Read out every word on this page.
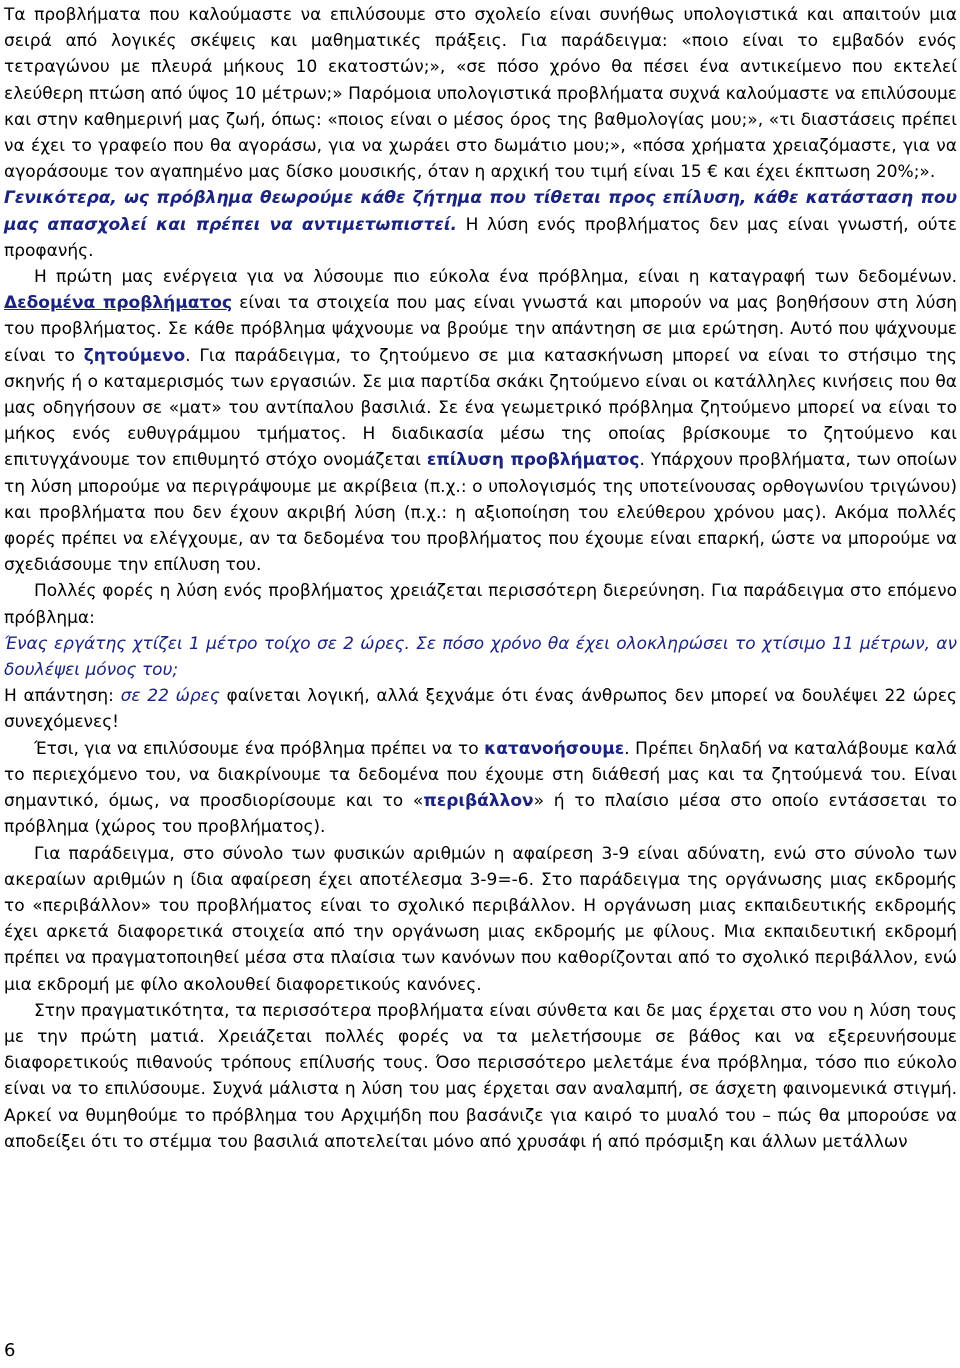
Τα προβλήματα που καλούμαστε να επιλύσουμε στο σχολείο είναι συνήθως υπολογιστικά και απαιτούν μια σειρά από λογικές σκέψεις και μαθηματικές πράξεις. Για παράδειγμα: «ποιο είναι το εμβαδόν ενός τετραγώνου με πλευρά μήκους 10 εκατοστών;», «σε πόσο χρόνο θα πέσει ένα αντικείμενο που εκτελεί ελεύθερη πτώση από ύψος 10 μέτρων;» Παρόμοια υπολογιστικά προβλήματα συχνά καλούμαστε να επιλύσουμε και στην καθημερινή μας ζωή, όπως: «ποιος είναι ο μέσος όρος της βαθμολογίας μου;», «τι διαστάσεις πρέπει να έχει το γραφείο που θα αγοράσω, για να χωράει στο δωμάτιο μου;», «πόσα χρήματα χρειαζόμαστε, για να αγοράσουμε τον αγαπημένο μας δίσκο μουσικής, όταν η αρχική του τιμή είναι 15 € και έχει έκπτωση 20%;».

Γενικότερα, ως πρόβλημα θεωρούμε κάθε ζήτημα που τίθεται προς επίλυση, κάθε κατάσταση που μας απασχολεί και πρέπει να αντιμετωπιστεί. Η λύση ενός προβλήματος δεν μας είναι γνωστή, ούτε προφανής.

Η πρώτη μας ενέργεια για να λύσουμε πιο εύκολα ένα πρόβλημα, είναι η καταγραφή των δεδομένων. Δεδομένα προβλήματος είναι τα στοιχεία που μας είναι γνωστά και μπορούν να μας βοηθήσουν στη λύση του προβλήματος. Σε κάθε πρόβλημα ψάχνουμε να βρούμε την απάντηση σε μια ερώτηση. Αυτό που ψάχνουμε είναι το ζητούμενο. Για παράδειγμα, το ζητούμενο σε μια κατασκήνωση μπορεί να είναι το στήσιμο της σκηνής ή ο καταμερισμός των εργασιών. Σε μια παρτίδα σκάκι ζητούμενο είναι οι κατάλληλες κινήσεις που θα μας οδηγήσουν σε «ματ» του αντίπαλου βασιλιά. Σε ένα γεωμετρικό πρόβλημα ζητούμενο μπορεί να είναι το μήκος ενός ευθυγράμμου τμήματος. Η διαδικασία μέσω της οποίας βρίσκουμε το ζητούμενο και επιτυγχάνουμε τον επιθυμητό στόχο ονομάζεται επίλυση προβλήματος. Υπάρχουν προβλήματα, των οποίων τη λύση μπορούμε να περιγράψουμε με ακρίβεια (π.χ.: ο υπολογισμός της υποτείνουσας ορθογωνίου τριγώνου) και προβλήματα που δεν έχουν ακριβή λύση (π.χ.: η αξιοποίηση του ελεύθερου χρόνου μας). Ακόμα πολλές φορές πρέπει να ελέγχουμε, αν τα δεδομένα του προβλήματος που έχουμε είναι επαρκή, ώστε να μπορούμε να σχεδιάσουμε την επίλυση του.

Πολλές φορές η λύση ενός προβλήματος χρειάζεται περισσότερη διερεύνηση. Για παράδειγμα στο επόμενο πρόβλημα:

Ένας εργάτης χτίζει 1 μέτρο τοίχο σε 2 ώρες. Σε πόσο χρόνο θα έχει ολοκληρώσει το χτίσιμο 11 μέτρων, αν δουλέψει μόνος του;

Η απάντηση: σε 22 ώρες φαίνεται λογική, αλλά ξεχνάμε ότι ένας άνθρωπος δεν μπορεί να δουλέψει 22 ώρες συνεχόμενες!

Έτσι, για να επιλύσουμε ένα πρόβλημα πρέπει να το κατανοήσουμε. Πρέπει δηλαδή να καταλάβουμε καλά το περιεχόμενο του, να διακρίνουμε τα δεδομένα που έχουμε στη διάθεσή μας και τα ζητούμενά του. Είναι σημαντικό, όμως, να προσδιορίσουμε και το «περιβάλλον» ή το πλαίσιο μέσα στο οποίο εντάσσεται το πρόβλημα (χώρος του προβλήματος).

Για παράδειγμα, στο σύνολο των φυσικών αριθμών η αφαίρεση 3-9 είναι αδύνατη, ενώ στο σύνολο των ακεραίων αριθμών η ίδια αφαίρεση έχει αποτέλεσμα 3-9=-6. Στο παράδειγμα της οργάνωσης μιας εκδρομής το «περιβάλλον» του προβλήματος είναι το σχολικό περιβάλλον. Η οργάνωση μιας εκπαιδευτικής εκδρομής έχει αρκετά διαφορετικά στοιχεία από την οργάνωση μιας εκδρομής με φίλους. Μια εκπαιδευτική εκδρομή πρέπει να πραγματοποιηθεί μέσα στα πλαίσια των κανόνων που καθορίζονται από το σχολικό περιβάλλον, ενώ μια εκδρομή με φίλο ακολουθεί διαφορετικούς κανόνες.

Στην πραγματικότητα, τα περισσότερα προβλήματα είναι σύνθετα και δε μας έρχεται στο νου η λύση τους με την πρώτη ματιά. Χρειάζεται πολλές φορές να τα μελετήσουμε σε βάθος και να εξερευνήσουμε διαφορετικούς πιθανούς τρόπους επίλυσής τους. Όσο περισσότερο μελετάμε ένα πρόβλημα, τόσο πιο εύκολο είναι να το επιλύσουμε. Συχνά μάλιστα η λύση του μας έρχεται σαν αναλαμπή, σε άσχετη φαινομενικά στιγμή. Αρκεί να θυμηθούμε το πρόβλημα του Αρχιμήδη που βασάνιζε για καιρό το μυαλό του – πώς θα μπορούσε να αποδείξει ότι το στέμμα του βασιλιά αποτελείται μόνο από χρυσάφι ή από πρόσμιξη και άλλων μετάλλων

6
